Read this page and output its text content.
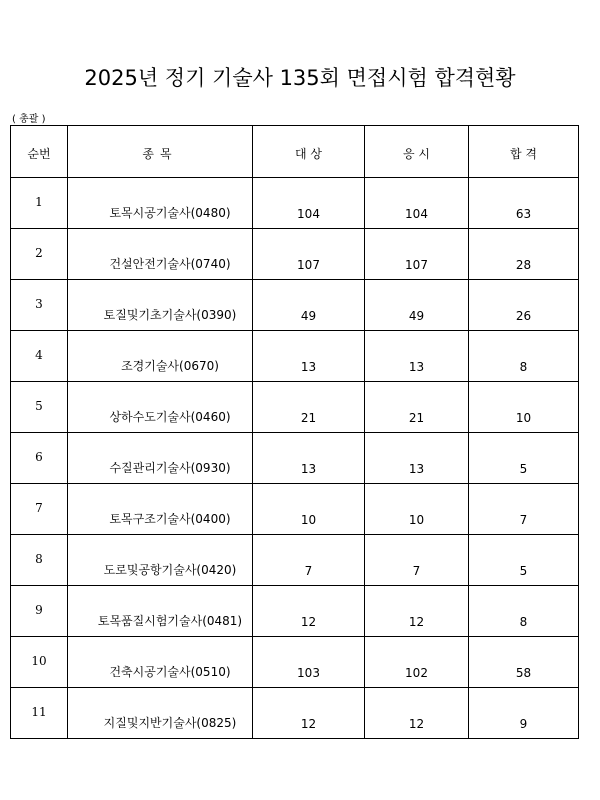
2025년 정기 기술사 135회 면접시험 합격현황
( 총괄 )
순번	종목	대 상	응 시	합 격
1	토목시공기술사(0480)	104	104	63
2	건설안전기술사(0740)	107	107	28
3	토질및기초기술사(0390)	49	49	26
4	조경기술사(0670)	13	13	8
5	상하수도기술사(0460)	21	21	10
6	수질관리기술사(0930)	13	13	5
7	토목구조기술사(0400)	10	10	7
8	도로및공항기술사(0420)	7	7	5
9	토목품질시험기술사(0481)	12	12	8
10	건축시공기술사(0510)	103	102	58
11	지질및지반기술사(0825)	12	12	9
